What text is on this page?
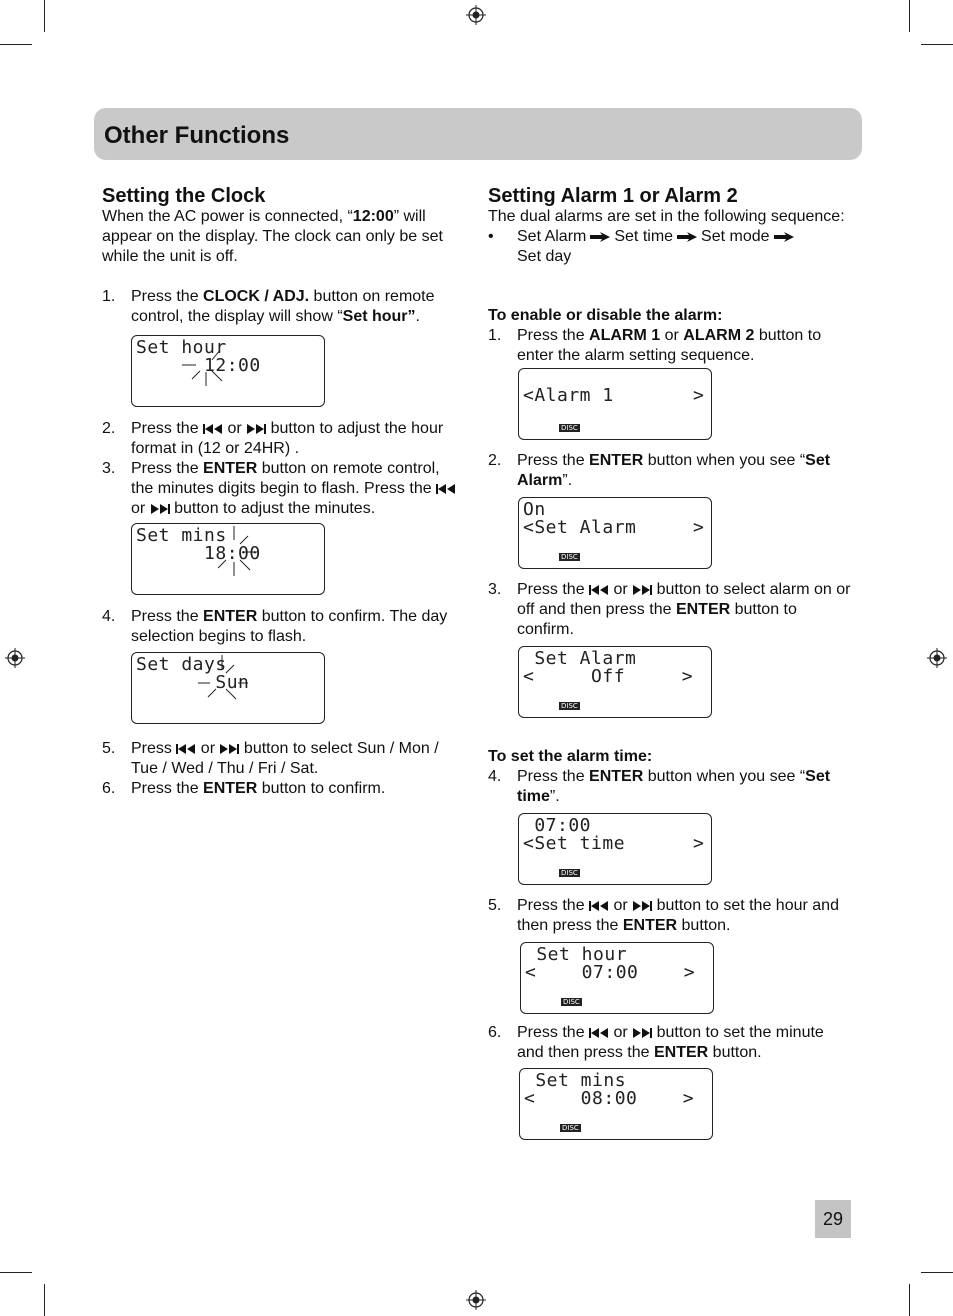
Other Functions
Setting the Clock
When the AC power is connected, “12:00” will appear on the display. The clock can only be set while the unit is off.
1. Press the CLOCK / ADJ. button on remote control, the display will show “Set hour”.
Set hour
12:00
2. Press the  or  button to adjust the hour format in (12 or 24HR) .
3. Press the ENTER button on remote control, the minutes digits begin to flash. Press the  or  button to adjust the minutes.
Set mins
18:00
4. Press the ENTER button to confirm. The day selection begins to flash.
Set days
Sun
5. Press  or  button to select Sun / Mon / Tue / Wed / Thu / Fri / Sat.
6. Press the ENTER button to confirm.
Setting Alarm 1 or Alarm 2
The dual alarms are set in the following sequence:
• Set Alarm Set time Set mode
Set day
To enable or disable the alarm:
1. Press the ALARM 1 or ALARM 2 button to enter the alarm setting sequence.
<Alarm 1       >
DISC
2. Press the ENTER button when you see “Set Alarm”.
On
<Set Alarm     >
DISC
3. Press the  or  button to select alarm on or off and then press the ENTER button to confirm.
Set Alarm
<     Off     >
DISC
To set the alarm time:
4. Press the ENTER button when you see “Set time”.
07:00
<Set time      >
DISC
5. Press the  or  button to set the hour and then press the ENTER button.
Set hour
<    07:00    >
DISC
6. Press the  or  button to set the minute and then press the ENTER button.
Set mins
<    08:00    >
DISC
29
